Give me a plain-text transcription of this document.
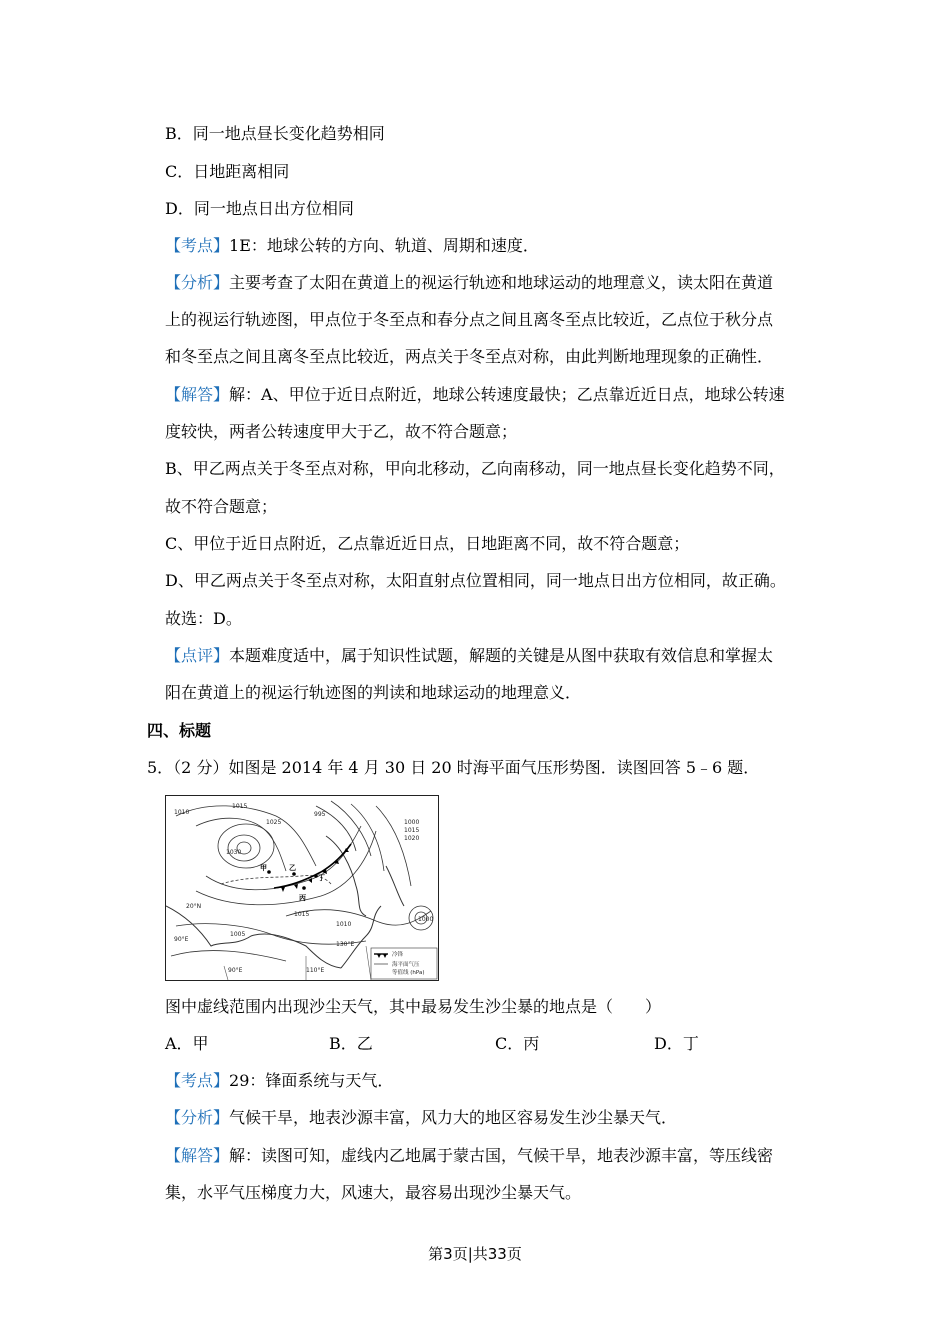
B．同一地点昼长变化趋势相同
C．日地距离相同
D．同一地点日出方位相同
【考点】1E：地球公转的方向、轨道、周期和速度．
【分析】主要考查了太阳在黄道上的视运行轨迹和地球运动的地理意义，读太阳在黄道
上的视运行轨迹图，甲点位于冬至点和春分点之间且离冬至点比较近，乙点位于秋分点
和冬至点之间且离冬至点比较近，两点关于冬至点对称，由此判断地理现象的正确性．
【解答】解：A、甲位于近日点附近，地球公转速度最快；乙点靠近近日点，地球公转速
度较快，两者公转速度甲大于乙，故不符合题意；
B、甲乙两点关于冬至点对称，甲向北移动，乙向南移动，同一地点昼长变化趋势不同，
故不符合题意；
C、甲位于近日点附近，乙点靠近近日点，日地距离不同，故不符合题意；
D、甲乙两点关于冬至点对称，太阳直射点位置相同，同一地点日出方位相同，故正确。
故选：D。
【点评】本题难度适中，属于知识性试题，解题的关键是从图中获取有效信息和掌握太
阳在黄道上的视运行轨迹图的判读和地球运动的地理意义．
四、标题
5．（2 分）如图是 2014 年 4 月 30 日 20 时海平面气压形势图．读图回答 5﹣6 题．
1010
1015
1025
1030
995
1000
1015
1020
1015
1010
1005
1000
20°N
90°E
90°E	110°E
130°E
甲	乙
丙
丁
冷锋
海平面气压
等值线 (hPa)
图中虚线范围内出现沙尘天气，其中最易发生沙尘暴的地点是（　　）
A．甲	B．乙	C．丙	D．丁
【考点】29：锋面系统与天气．
【分析】气候干旱，地表沙源丰富，风力大的地区容易发生沙尘暴天气．
【解答】解：读图可知，虚线内乙地属于蒙古国，气候干旱，地表沙源丰富，等压线密
集，水平气压梯度力大，风速大，最容易出现沙尘暴天气。
第3页|共33页
